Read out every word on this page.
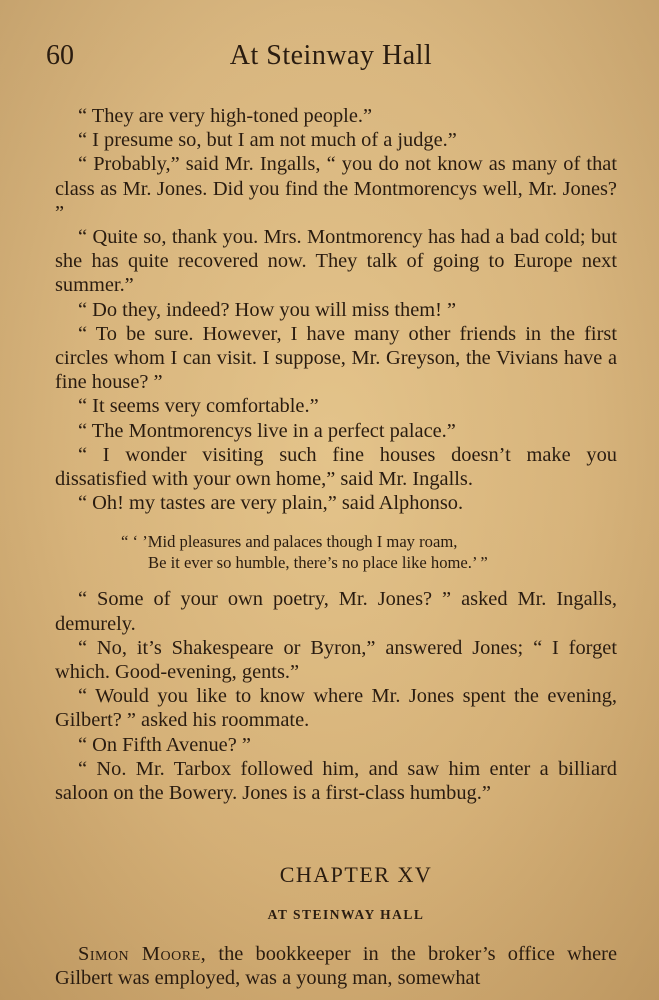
60	At Steinway Hall

“ They are very high-toned people.”

“ I presume so, but I am not much of a judge.”

“ Probably,” said Mr. Ingalls, “ you do not know as many of that class as Mr. Jones. Did you find the Montmorencys well, Mr. Jones? ”

“ Quite so, thank you. Mrs. Montmorency has had a bad cold; but she has quite recovered now. They talk of going to Europe next summer.”

“ Do they, indeed? How you will miss them! ”

“ To be sure. However, I have many other friends in the first circles whom I can visit. I suppose, Mr. Greyson, the Vivians have a fine house? ”

“ It seems very comfortable.”

“ The Montmorencys live in a perfect palace.”

“ I wonder visiting such fine houses doesn’t make you dissatisfied with your own home,” said Mr. Ingalls.

“ Oh! my tastes are very plain,” said Alphonso.

“ ‘ ’Mid pleasures and palaces though I may roam,
Be it ever so humble, there’s no place like home.’ ”

“ Some of your own poetry, Mr. Jones? ” asked Mr. Ingalls, demurely.

“ No, it’s Shakespeare or Byron,” answered Jones; “ I forget which. Good-evening, gents.”

“ Would you like to know where Mr. Jones spent the evening, Gilbert? ” asked his roommate.

“ On Fifth Avenue? ”

“ No. Mr. Tarbox followed him, and saw him enter a billiard saloon on the Bowery. Jones is a first-class humbug.”

CHAPTER XV
AT STEINWAY HALL

Simon Moore, the bookkeeper in the broker’s office where Gilbert was employed, was a young man, somewhat
